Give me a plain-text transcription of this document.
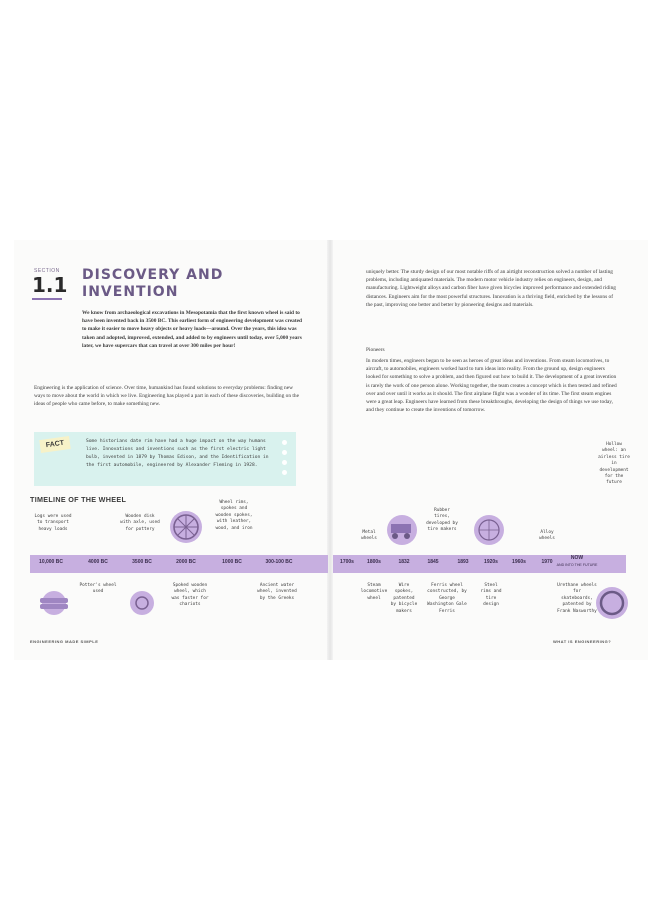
SECTION
1.1 DISCOVERY AND
INVENTION
We know from archaeological excavations in Mesopotamia that the first known wheel is said to have been invented back in 3500 BC. This earliest form of engineering development was created to make it easier to move heavy objects or heavy loads—around. Over the years, this idea was taken and adopted, improved, extended, and added to by engineers until today, over 5,000 years later, we have supercars that can travel at over 300 miles per hour!
Engineering is the application of science. Over time, humankind has found solutions to everyday problems: finding new ways to move about the world in which we live. Engineering has played a part in each of these discoveries, building on the ideas of people who came before, to make something new.
FACT	Some historians date rim have had a huge impact on the way humans live. Innovations and inventions such as the first electric light bulb, invented in 1879 by Thomas Edison, and the Identification in the first automobile, engineered by Alexander Fleming in 1928.
TIMELINE OF THE WHEEL
uniquely better. The sturdy design of our most notable riffs of an airtight reconstruction solved a number of lasting problems, including antiquated materials. The modern motor vehicle industry relies on engineers, design, and manufacturing. Lightweight alloys and carbon fiber have given bicycles improved performance and extended riding distances. Engineers aim for the most powerful structures. Innovation is a thriving field, enriched by the lessons of the past, improving one better and better by pioneering designs and materials.
Pioneers
In modern times, engineers began to be seen as heroes of great ideas and inventions. From steam locomotives, to aircraft, to automobiles, engineers worked hard to turn ideas into reality. From the ground up, design engineers looked for something to solve a problem, and then figured out how to build it. The development of a great invention is rarely the work of one person alone. Working together, the team creates a concept which is then tested and refined over and over until it works as it should. The first airplane flight was a wonder of its time. The first steam engines were a great leap. Engineers have learned from these breakthroughs, developing the design of things we use today, and they continue to create the inventions of tomorrow.
10,000 BC	4000 BC	3500 BC	2000 BC	1000 BC	300-100 BC	1700s	1800s	1832	1845	1893	1920s	1960s	1970
NOW
AND INTO THE FUTURE
Logs were used to transport heavy loads
Wooden disk with axle, used for pottery
Wheel rims, spokes and wooden spokes, with leather, wood, and iron
Potter's wheel used
Spoked wooden wheel, which was faster for chariots
Ancient water wheel, invented by the Greeks
Metal wheels
Rubber tires, developed by tire makers
Alloy wheels
Hollow wheel: an airless tire in development for the future
Steam locomotive wheel
Wire spokes, patented by bicycle makers
Ferris wheel constructed, by George Washington Gale Ferris
Steel rims and tire design
Urethane wheels for skateboards, patented by Frank Nasworthy
ENGINEERING MADE SIMPLE	WHAT IS ENGINEERING?
